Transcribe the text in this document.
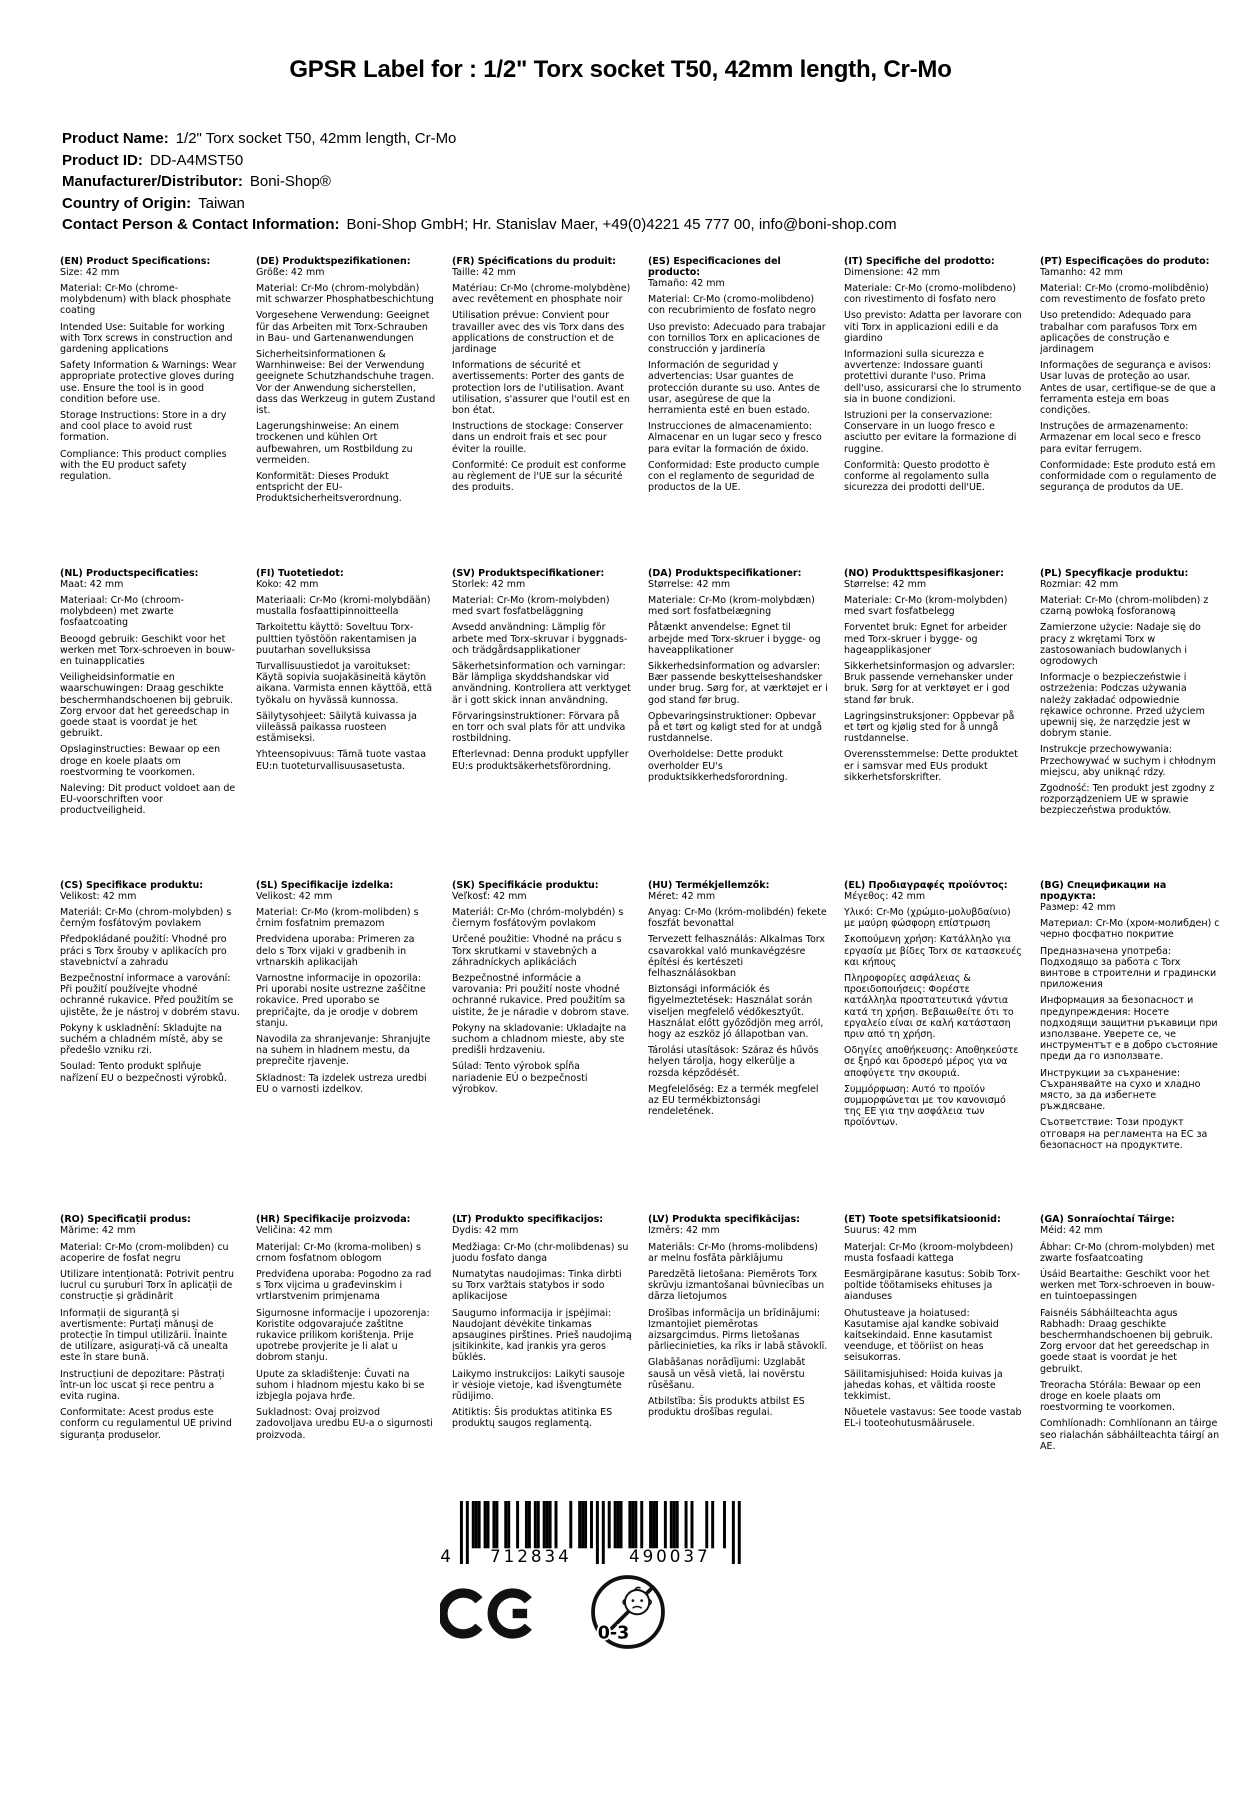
GPSR Label for : 1/2" Torx socket T50, 42mm length, Cr-Mo
Product Name: 1/2" Torx socket T50, 42mm length, Cr-Mo
Product ID: DD-A4MST50
Manufacturer/Distributor: Boni-Shop®
Country of Origin: Taiwan
Contact Person & Contact Information: Boni-Shop GmbH; Hr. Stanislav Maer, +49(0)4221 45 777 00, info@boni-shop.com
(EN) Product Specifications:

Size: 42 mm

Material: Cr-Mo (chrome-molybdenum) with black phosphate coating

Intended Use: Suitable for working with Torx screws in construction and gardening applications

Safety Information & Warnings: Wear appropriate protective gloves during use. Ensure the tool is in good condition before use.

Storage Instructions: Store in a dry and cool place to avoid rust formation.

Compliance: This product complies with the EU product safety regulation.

(DE) Produktspezifikationen:

Größe: 42 mm

Material: Cr-Mo (chrom-molybdän) mit schwarzer Phosphatbeschichtung

Vorgesehene Verwendung: Geeignet für das Arbeiten mit Torx-Schrauben in Bau- und Gartenanwendungen

Sicherheitsinformationen & Warnhinweise: Bei der Verwendung geeignete Schutzhandschuhe tragen. Vor der Anwendung sicherstellen, dass das Werkzeug in gutem Zustand ist.

Lagerungshinweise: An einem trockenen und kühlen Ort aufbewahren, um Rostbildung zu vermeiden.

Konformität: Dieses Produkt entspricht der EU-Produktsicherheitsverordnung.

(FR) Spécifications du produit:

Taille: 42 mm

Matériau: Cr-Mo (chrome-molybdène) avec revêtement en phosphate noir

Utilisation prévue: Convient pour travailler avec des vis Torx dans des applications de construction et de jardinage

Informations de sécurité et avertissements: Porter des gants de protection lors de l'utilisation. Avant utilisation, s'assurer que l'outil est en bon état.

Instructions de stockage: Conserver dans un endroit frais et sec pour éviter la rouille.

Conformité: Ce produit est conforme au règlement de l'UE sur la sécurité des produits.

(ES) Especificaciones del producto:

Tamaño: 42 mm

Material: Cr-Mo (cromo-molibdeno) con recubrimiento de fosfato negro

Uso previsto: Adecuado para trabajar con tornillos Torx en aplicaciones de construcción y jardinería

Información de seguridad y advertencias: Usar guantes de protección durante su uso. Antes de usar, asegúrese de que la herramienta esté en buen estado.

Instrucciones de almacenamiento: Almacenar en un lugar seco y fresco para evitar la formación de óxido.

Conformidad: Este producto cumple con el reglamento de seguridad de productos de la UE.

(IT) Specifiche del prodotto:

Dimensione: 42 mm

Materiale: Cr-Mo (cromo-molibdeno) con rivestimento di fosfato nero

Uso previsto: Adatta per lavorare con viti Torx in applicazioni edili e da giardino

Informazioni sulla sicurezza e avvertenze: Indossare guanti protettivi durante l'uso. Prima dell'uso, assicurarsi che lo strumento sia in buone condizioni.

Istruzioni per la conservazione: Conservare in un luogo fresco e asciutto per evitare la formazione di ruggine.

Conformità: Questo prodotto è conforme al regolamento sulla sicurezza dei prodotti dell'UE.

(PT) Especificações do produto:

Tamanho: 42 mm

Material: Cr-Mo (cromo-molibdênio) com revestimento de fosfato preto

Uso pretendido: Adequado para trabalhar com parafusos Torx em aplicações de construção e jardinagem

Informações de segurança e avisos: Usar luvas de proteção ao usar. Antes de usar, certifique-se de que a ferramenta esteja em boas condições.

Instruções de armazenamento: Armazenar em local seco e fresco para evitar ferrugem.

Conformidade: Este produto está em conformidade com o regulamento de segurança de produtos da UE.

(NL) Productspecificaties:

Maat: 42 mm

Materiaal: Cr-Mo (chroom-molybdeen) met zwarte fosfaatcoating

Beoogd gebruik: Geschikt voor het werken met Torx-schroeven in bouw- en tuinapplicaties

Veiligheidsinformatie en waarschuwingen: Draag geschikte beschermhandschoenen bij gebruik. Zorg ervoor dat het gereedschap in goede staat is voordat je het gebruikt.

Opslaginstructies: Bewaar op een droge en koele plaats om roestvorming te voorkomen.

Naleving: Dit product voldoet aan de EU-voorschriften voor productveiligheid.

(FI) Tuotetiedot:

Koko: 42 mm

Materiaali: Cr-Mo (kromi-molybdään) mustalla fosfaattipinnoitteella

Tarkoitettu käyttö: Soveltuu Torx-pulttien työstöön rakentamisen ja puutarhan sovelluksissa

Turvallisuustiedot ja varoitukset: Käytä sopivia suojakäsineitä käytön aikana. Varmista ennen käyttöä, että työkalu on hyvässä kunnossa.

Säilytysohjeet: Säilytä kuivassa ja viileässä paikassa ruosteen estämiseksi.

Yhteensopivuus: Tämä tuote vastaa EU:n tuoteturvallisuusasetusta.

(SV) Produktspecifikationer:

Storlek: 42 mm

Material: Cr-Mo (krom-molybden) med svart fosfatbeläggning

Avsedd användning: Lämplig för arbete med Torx-skruvar i byggnads- och trädgårdsapplikationer

Säkerhetsinformation och varningar: Bär lämpliga skyddshandskar vid användning. Kontrollera att verktyget är i gott skick innan användning.

Förvaringsinstruktioner: Förvara på en torr och sval plats för att undvika rostbildning.

Efterlevnad: Denna produkt uppfyller EU:s produktsäkerhetsförordning.

(DA) Produktspecifikationer:

Størrelse: 42 mm

Materiale: Cr-Mo (krom-molybdæn) med sort fosfatbelægning

Påtænkt anvendelse: Egnet til arbejde med Torx-skruer i bygge- og haveapplikationer

Sikkerhedsinformation og advarsler: Bær passende beskyttelseshandsker under brug. Sørg for, at værktøjet er i god stand før brug.

Opbevaringsinstruktioner: Opbevar på et tørt og køligt sted for at undgå rustdannelse.

Overholdelse: Dette produkt overholder EU's produktsikkerhedsforordning.

(NO) Produkttspesifikasjoner:

Størrelse: 42 mm

Materiale: Cr-Mo (krom-molybden) med svart fosfatbelegg

Forventet bruk: Egnet for arbeider med Torx-skruer i bygge- og hageapplikasjoner

Sikkerhetsinformasjon og advarsler: Bruk passende vernehansker under bruk. Sørg for at verktøyet er i god stand før bruk.

Lagringsinstruksjoner: Oppbevar på et tørt og kjølig sted for å unngå rustdannelse.

Overensstemmelse: Dette produktet er i samsvar med EUs produkt sikkerhetsforskrifter.

(PL) Specyfikacje produktu:

Rozmiar: 42 mm

Materiał: Cr-Mo (chrom-molibden) z czarną powłoką fosforanową

Zamierzone użycie: Nadaje się do pracy z wkrętami Torx w zastosowaniach budowlanych i ogrodowych

Informacje o bezpieczeństwie i ostrzeżenia: Podczas używania należy zakładać odpowiednie rękawice ochronne. Przed użyciem upewnij się, że narzędzie jest w dobrym stanie.

Instrukcje przechowywania: Przechowywać w suchym i chłodnym miejscu, aby uniknąć rdzy.

Zgodność: Ten produkt jest zgodny z rozporządzeniem UE w sprawie bezpieczeństwa produktów.

(CS) Specifikace produktu:

Velikost: 42 mm

Materiál: Cr-Mo (chrom-molybden) s černým fosfátovým povlakem

Předpokládané použití: Vhodné pro práci s Torx šrouby v aplikacích pro stavebnictví a zahradu

Bezpečnostní informace a varování: Při použití používejte vhodné ochranné rukavice. Před použitím se ujistěte, že je nástroj v dobrém stavu.

Pokyny k uskladnění: Skladujte na suchém a chladném místě, aby se předešlo vzniku rzi.

Soulad: Tento produkt splňuje nařízení EU o bezpečnosti výrobků.

(SL) Specifikacije izdelka:

Velikost: 42 mm

Material: Cr-Mo (krom-molibden) s črnim fosfatnim premazom

Predvidena uporaba: Primeren za delo s Torx vijaki v gradbenih in vrtnarskih aplikacijah

Varnostne informacije in opozorila: Pri uporabi nosite ustrezne zaščitne rokavice. Pred uporabo se prepričajte, da je orodje v dobrem stanju.

Navodila za shranjevanje: Shranjujte na suhem in hladnem mestu, da preprečite rjavenje.

Skladnost: Ta izdelek ustreza uredbi EU o varnosti izdelkov.

(SK) Špecifikácie produktu:

Veľkosť: 42 mm

Materiál: Cr-Mo (chróm-molybdén) s čiernym fosfátovým povlakom

Určené použitie: Vhodné na prácu s Torx skrutkami v stavebných a záhradníckych aplikáciách

Bezpečnostné informácie a varovania: Pri použití noste vhodné ochranné rukavice. Pred použitím sa uistite, že je náradie v dobrom stave.

Pokyny na skladovanie: Ukladajte na suchom a chladnom mieste, aby ste predišli hrdzaveniu.

Súlad: Tento výrobok spĺňa nariadenie EÚ o bezpečnosti výrobkov.

(HU) Termékjellemzők:

Méret: 42 mm

Anyag: Cr-Mo (króm-molibdén) fekete foszfát bevonattal

Tervezett felhasználás: Alkalmas Torx csavarokkal való munkavégzésre építési és kertészeti felhasználásokban

Biztonsági információk és figyelmeztetések: Használat során viseljen megfelelő védőkesztyűt. Használat előtt győződjön meg arról, hogy az eszköz jó állapotban van.

Tárolási utasítások: Száraz és hűvös helyen tárolja, hogy elkerülje a rozsda képződését.

Megfelelőség: Ez a termék megfelel az EU termékbiztonsági rendeletének.

(EL) Προδιαγραφές προϊόντος:

Μέγεθος: 42 mm

Υλικό: Cr-Mo (χρώμιο-μολυβδαίνιο) με μαύρη φώσφορη επίστρωση

Σκοπούμενη χρήση: Κατάλληλο για εργασία με βίδες Torx σε κατασκευές και κήπους

Πληροφορίες ασφάλειας & προειδοποιήσεις: Φορέστε κατάλληλα προστατευτικά γάντια κατά τη χρήση. Βεβαιωθείτε ότι το εργαλείο είναι σε καλή κατάσταση πριν από τη χρήση.

Οδηγίες αποθήκευσης: Αποθηκεύστε σε ξηρό και δροσερό μέρος για να αποφύγετε την σκουριά.

Συμμόρφωση: Αυτό το προϊόν συμμορφώνεται με τον κανονισμό της ΕΕ για την ασφάλεια των προϊόντων.

(BG) Спецификации на продукта:

Размер: 42 mm

Материал: Cr-Mo (хром-молибден) с черно фосфатно покритие

Предназначена употреба: Подходящо за работа с Torx винтове в строителни и градински приложения

Информация за безопасност и предупреждения: Носете подходящи защитни ръкавици при използване. Уверете се, че инструментът е в добро състояние преди да го използвате.

Инструкции за съхранение: Съхранявайте на сухо и хладно място, за да избегнете ръждясване.

Съответствие: Този продукт отговаря на регламента на ЕС за безопасност на продуктите.

(RO) Specificații produs:

Mărime: 42 mm

Material: Cr-Mo (crom-molibden) cu acoperire de fosfat negru

Utilizare intenționată: Potrivit pentru lucrul cu șuruburi Torx în aplicații de construcție și grădinărit

Informații de siguranță și avertismente: Purtați mănuși de protecție în timpul utilizării. Înainte de utilizare, asigurați-vă că unealta este în stare bună.

Instrucțiuni de depozitare: Păstrați într-un loc uscat și rece pentru a evita rugina.

Conformitate: Acest produs este conform cu regulamentul UE privind siguranța produselor.

(HR) Specifikacije proizvoda:

Veličina: 42 mm

Materijal: Cr-Mo (kroma-moliben) s crnom fosfatnom oblogom

Predviđena uporaba: Pogodno za rad s Torx vijcima u građevinskim i vrtlarstvenim primjenama

Sigurnosne informacije i upozorenja: Koristite odgovarajuće zaštitne rukavice prilikom korištenja. Prije upotrebe provjerite je li alat u dobrom stanju.

Upute za skladištenje: Čuvati na suhom i hladnom mjestu kako bi se izbjegla pojava hrđe.

Sukladnost: Ovaj proizvod zadovoljava uredbu EU-a o sigurnosti proizvoda.

(LT) Produkto specifikacijos:

Dydis: 42 mm

Medžiaga: Cr-Mo (chr-molibdenas) su juodu fosfato danga

Numatytas naudojimas: Tinka dirbti su Torx varžtais statybos ir sodo aplikacijose

Saugumo informacija ir įspėjimai: Naudojant dėvėkite tinkamas apsaugines pirštines. Prieš naudojimą įsitikinkite, kad įrankis yra geros būklės.

Laikymo instrukcijos: Laikyti sausoje ir vėsioje vietoje, kad išvengtumėte rūdijimo.

Atitiktis: Šis produktas atitinka ES produktų saugos reglamentą.

(LV) Produkta specifikācijas:

Izmērs: 42 mm

Materiāls: Cr-Mo (hroms-molibdens) ar melnu fosfāta pārklājumu

Paredzētā lietošana: Piemērots Torx skrūvju izmantošanai būvniecības un dārza lietojumos

Drošības informācija un brīdinājumi: Izmantojiet piemērotas aizsargcimdus. Pirms lietošanas pārliecinieties, ka rīks ir labā stāvoklī.

Glabāšanas norādījumi: Uzglabāt sausā un vēsā vietā, lai novērstu rūsēšanu.

Atbilstība: Šis produkts atbilst ES produktu drošības regulai.

(ET) Toote spetsifikatsioonid:

Suurus: 42 mm

Materjal: Cr-Mo (kroom-molybdeen) musta fosfaadi kattega

Eesmärgipärane kasutus: Sobib Torx-poltide töötamiseks ehituses ja aianduses

Ohutusteave ja hoiatused: Kasutamise ajal kandke sobivaid kaitsekindaid. Enne kasutamist veenduge, et tööriist on heas seisukorras.

Säilitamisjuhised: Hoida kuivas ja jahedas kohas, et vältida rooste tekkimist.

Nõuetele vastavus: See toode vastab EL-i tooteohutusmäärusele.

(GA) Sonraíochtaí Táirge:

Méid: 42 mm

Ábhar: Cr-Mo (chrom-molybden) met zwarte fosfaatcoating

Úsáid Beartaithe: Geschikt voor het werken met Torx-schroeven in bouw- en tuintoepassingen

Faisnéis Sábháilteachta agus Rabhadh: Draag geschikte beschermhandschoenen bij gebruik. Zorg ervoor dat het gereedschap in goede staat is voordat je het gebruikt.

Treoracha Stórála: Bewaar op een droge en koele plaats om roestvorming te voorkomen.

Comhlíonadh: Comhlíonann an táirge seo rialachán sábháilteachta táirgí an AE.

4 712834	490037
0-3
